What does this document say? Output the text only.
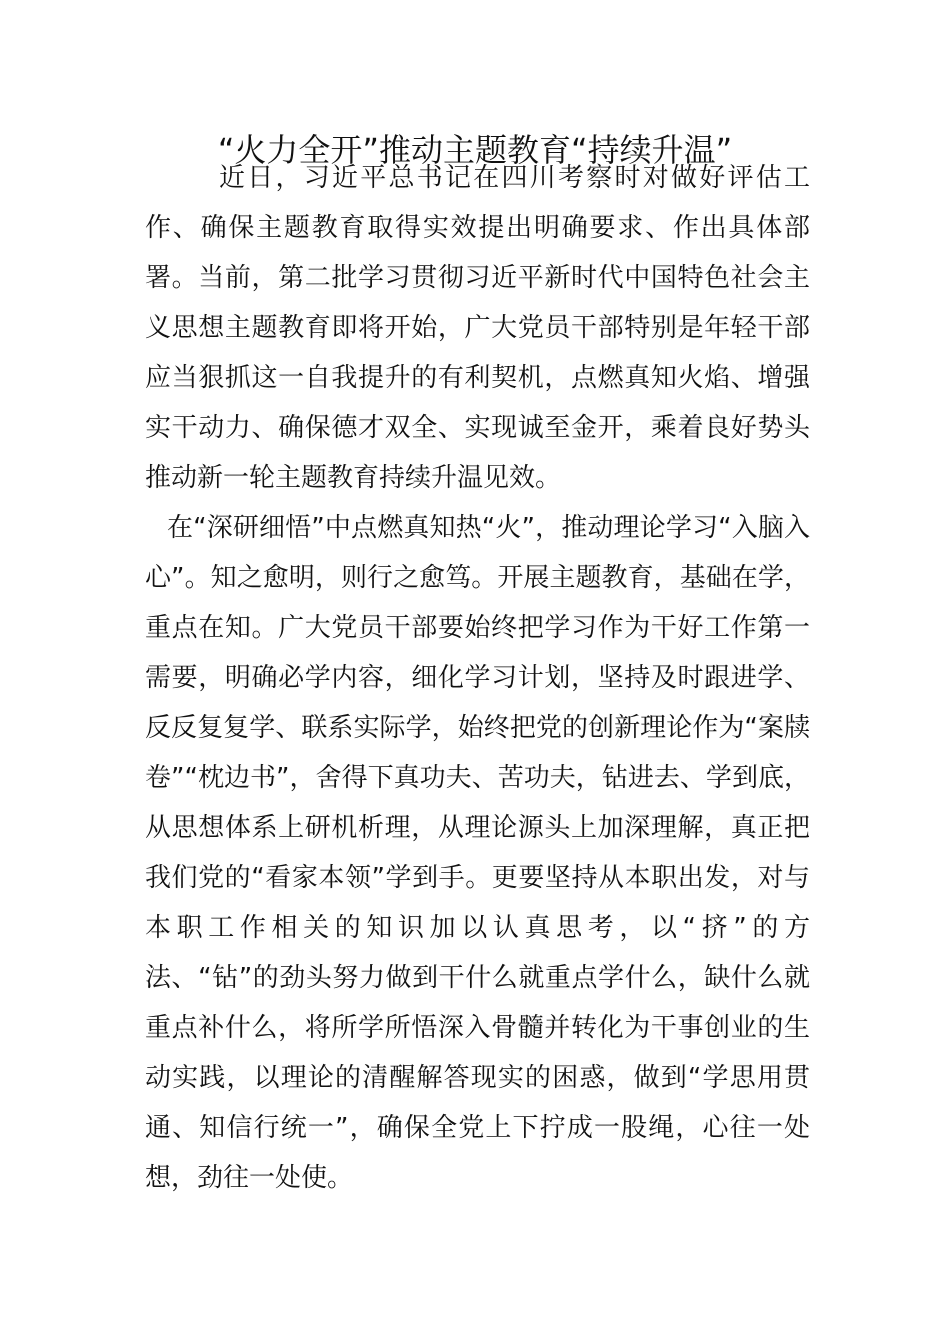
“火力全开”推动主题教育“持续升温”

近日，习近平总书记在四川考察时对做好评估工作、确保主题教育取得实效提出明确要求、作出具体部署。当前，第二批学习贯彻习近平新时代中国特色社会主义思想主题教育即将开始，广大党员干部特别是年轻干部应当狠抓这一自我提升的有利契机，点燃真知火焰、增强实干动力、确保德才双全、实现诚至金开，乘着良好势头推动新一轮主题教育持续升温见效。

在“深研细悟”中点燃真知热“火”，推动理论学习“入脑入心”。知之愈明，则行之愈笃。开展主题教育，基础在学，重点在知。广大党员干部要始终把学习作为干好工作第一需要，明确必学内容，细化学习计划，坚持及时跟进学、反反复复学、联系实际学，始终把党的创新理论作为“案牍卷”“枕边书”，舍得下真功夫、苦功夫，钻进去、学到底，从思想体系上研机析理，从理论源头上加深理解，真正把我们党的“看家本领”学到手。更要坚持从本职出发，对与本职工作相关的知识加以认真思考，以“挤”的方法、“钻”的劲头努力做到干什么就重点学什么，缺什么就重点补什么，将所学所悟深入骨髓并转化为干事创业的生动实践，以理论的清醒解答现实的困惑，做到“学思用贯通、知信行统一”，确保全党上下拧成一股绳，心往一处想，劲往一处使。
